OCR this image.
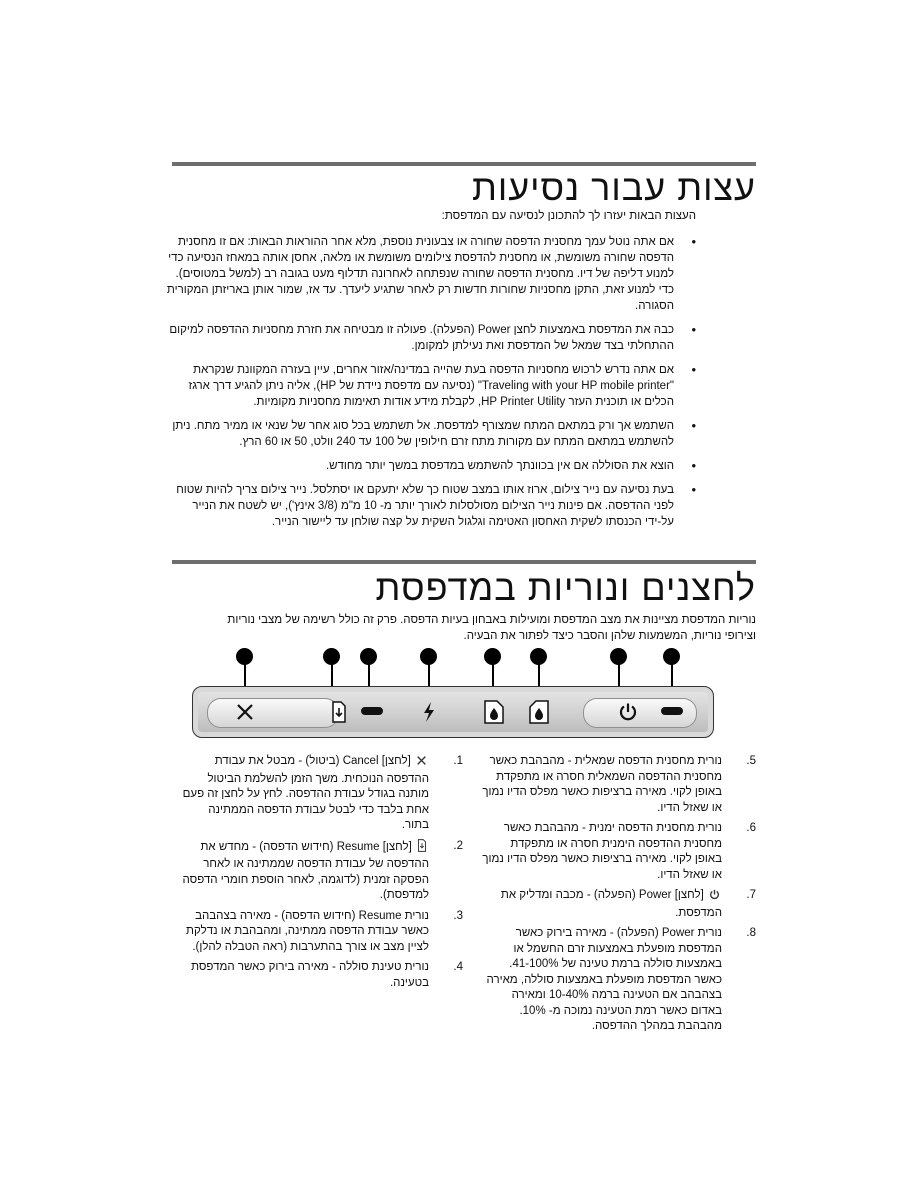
עצות עבור נסיעות

העצות הבאות יעזרו לך להתכונן לנסיעה עם המדפסת:

• אם אתה נוטל עמך מחסנית הדפסה שחורה או צבעונית נוספת, מלא אחר ההוראות הבאות: אם זו מחסנית הדפסה שחורה משומשת, או מחסנית להדפסת צילומים משומשת או מלאה, אחסן אותה במאחז הנסיעה כדי למנוע דליפה של דיו. מחסנית הדפסה שחורה שנפתחה לאחרונה תדלוף מעט בגובה רב (למשל במטוסים). כדי למנוע זאת, התקן מחסניות שחורות חדשות רק לאחר שתגיע ליעדך. עד אז, שמור אותן באריזתן המקורית הסגורה.
• כבה את המדפסת באמצעות לחצן Power (הפעלה). פעולה זו מבטיחה את חזרת מחסניות ההדפסה למיקום ההתחלתי בצד שמאל של המדפסת ואת נעילתן למקומן.
• אם אתה נדרש לרכוש מחסניות הדפסה בעת שהייה במדינה/אזור אחרים, עיין בעזרה המקוונת שנקראת "Traveling with your HP mobile printer" (נסיעה עם מדפסת ניידת של HP), אליה ניתן להגיע דרך ארגז הכלים או תוכנית העזר HP Printer Utility, לקבלת מידע אודות תאימות מחסניות מקומיות.
• השתמש אך ורק במתאם המתח שמצורף למדפסת. אל תשתמש בכל סוג אחר של שנאי או ממיר מתח. ניתן להשתמש במתאם המתח עם מקורות מתח זרם חילופין של 100 עד 240 וולט, 50 או 60 הרץ.
• הוצא את הסוללה אם אין בכוונתך להשתמש במדפסת במשך יותר מחודש.
• בעת נסיעה עם נייר צילום, ארוז אותו במצב שטוח כך שלא יתעקם או יסתלסל. נייר צילום צריך להיות שטוח לפני ההדפסה. אם פינות נייר הצילום מסולסלות לאורך יותר מ- 10 מ"מ (3/8 אינץ'), יש לשטח את הנייר על-ידי הכנסתו לשקית האחסון האטימה וגלגול השקית על קצה שולחן עד ליישור הנייר.
לחצנים ונוריות במדפסת

נוריות המדפסת מציינות את מצב המדפסת ומועילות באבחון בעיות הדפסה. פרק זה כולל רשימה של מצבי נוריות וצירופי נוריות, המשמעות שלהן והסבר כיצד לפתור את הבעיה.

1.
[לחצן] Cancel (ביטול) - מבטל את עבודת ההדפסה הנוכחית. משך הזמן להשלמת הביטול מותנה בגודל עבודת ההדפסה. לחץ על לחצן זה פעם אחת בלבד כדי לבטל עבודת הדפסה הממתינה בתור.
2.
[לחצן] Resume (חידוש הדפסה) - מחדש את ההדפסה של עבודת הדפסה שממתינה או לאחר הפסקה זמנית (לדוגמה, לאחר הוספת חומרי הדפסה למדפסת).
3.
נורית Resume (חידוש הדפסה) - מאירה בצהבהב כאשר עבודת הדפסה ממתינה, ומהבהבת או נדלקת לציין מצב או צורך בהתערבות (ראה הטבלה להלן).
4.
נורית טעינת סוללה - מאירה בירוק כאשר המדפסת בטעינה.
5.
נורית מחסנית הדפסה שמאלית - מהבהבת כאשר מחסנית ההדפסה השמאלית חסרה או מתפקדת באופן לקוי. מאירה ברציפות כאשר מפלס הדיו נמוך או שאזל הדיו.
6.
נורית מחסנית הדפסה ימנית - מהבהבת כאשר מחסנית ההדפסה הימנית חסרה או מתפקדת באופן לקוי. מאירה ברציפות כאשר מפלס הדיו נמוך או שאזל הדיו.
7.
[לחצן] Power (הפעלה) - מכבה ומדליק את המדפסת.
8.
נורית Power (הפעלה) - מאירה בירוק כאשר המדפסת מופעלת באמצעות זרם החשמל או באמצעות סוללה ברמת טעינה של 41-100%. כאשר המדפסת מופעלת באמצעות סוללה, מאירה בצהבהב אם הטעינה ברמה 10-40% ומאירה באדום כאשר רמת הטעינה נמוכה מ- 10%. מהבהבת במהלך ההדפסה.
